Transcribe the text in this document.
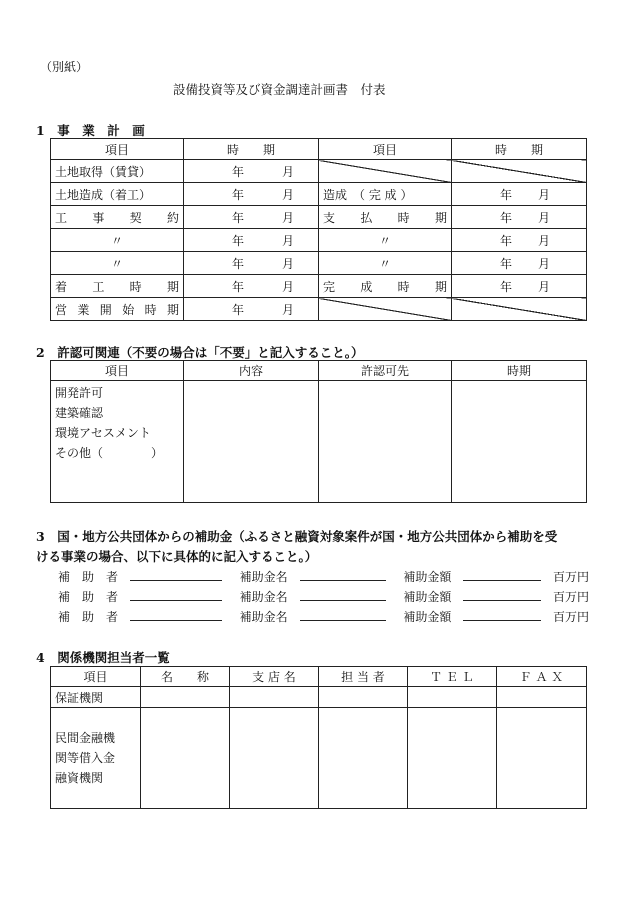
（別紙）
設備投資等及び資金調達計画書　付表
1　事　業　計　画
項目	時　　期	項目	時　　期
土地取得（賃貸）	年 月		

土地造成（着工）	年 月	造成　（ 完 成 ）	年 月

工　事　契　約	年 月	支　払　時　期	年 月

〃	年 月	〃	年 月

〃	年 月	〃	年 月

着　工　時　期	年 月	完　成　時　期	年 月

営 業 開 始 時 期	年 月		

2　許認可関連（不要の場合は「不要」と記入すること。）
項目	内容	許認可先	時期

開発許可
建築確認
環境アセスメント
その他（　　　　）			

3　国・地方公共団体からの補助金（ふるさと融資対象案件が国・地方公共団体から補助を受
ける事業の場合、以下に具体的に記入すること。）
補　助　者	補助金名	補助金額	百万円
補　助　者	補助金名	補助金額	百万円
補　助　者	補助金名	補助金額	百万円
4　関係機関担当者一覧
項目	名　　称	支 店 名	担 当 者	Ｔ Ｅ Ｌ	Ｆ Ａ Ｘ
保証機関					

民間金融機
関等借入金
融資機関					
